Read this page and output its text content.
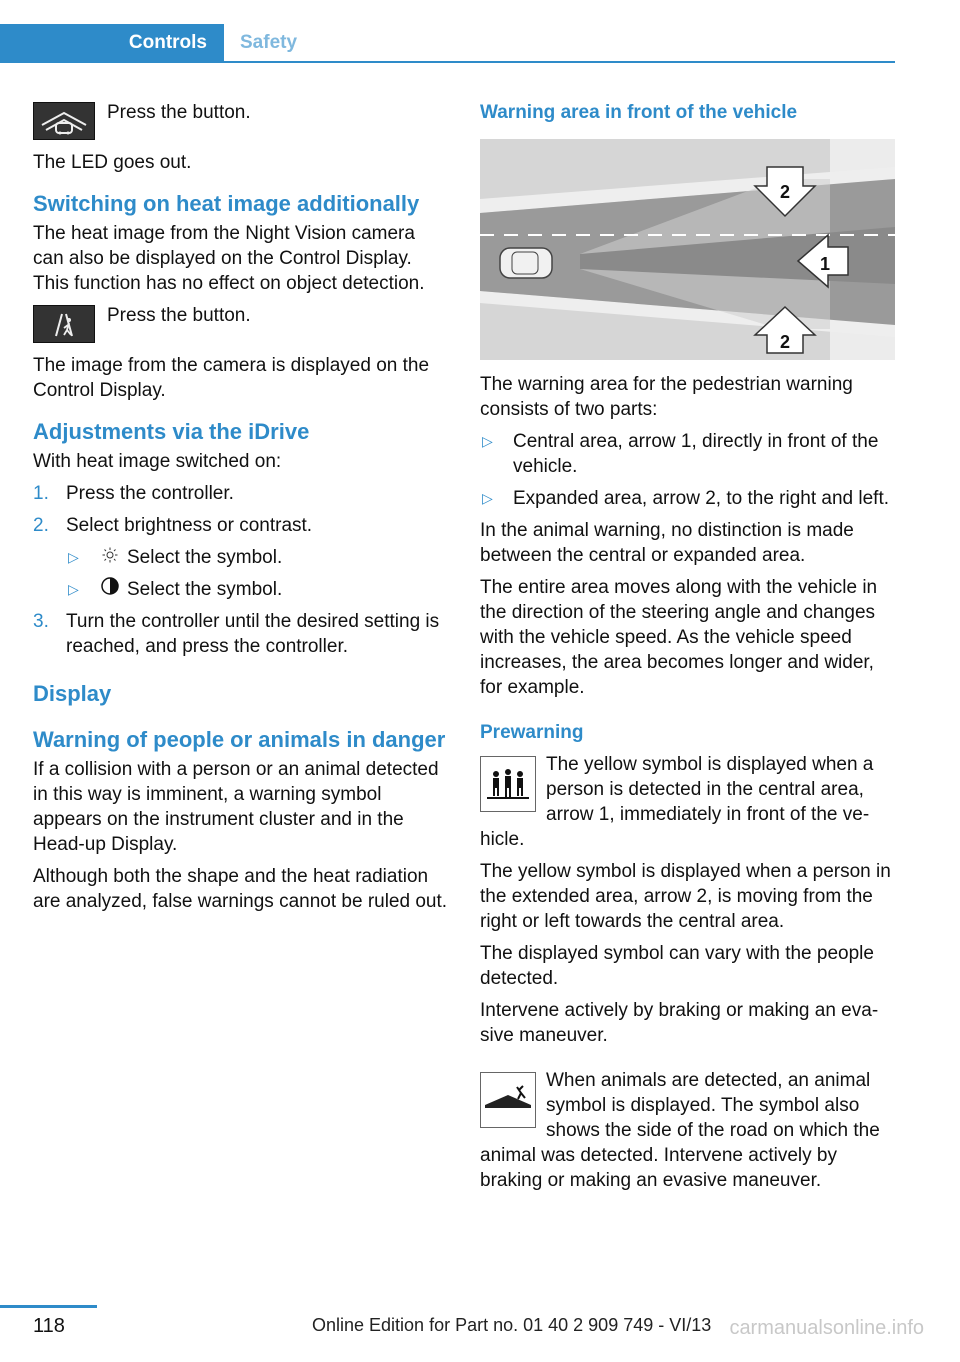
Controls	Safety
Press the button.

The LED goes out.

Switching on heat image additionally

The heat image from the Night Vision camera can also be displayed on the Control Display. This function has no effect on object detection.

Press the button.

The image from the camera is displayed on the Control Display.

Adjustments via the iDrive

With heat image switched on:

1. Press the controller.
2. Select brightness or contrast.
▷	Select the symbol.
▷	Select the symbol.
3. Turn the controller until the desired setting is reached, and press the controller.
Display
Warning of people or animals in danger

If a collision with a person or an animal detected in this way is imminent, a warning symbol appears on the instrument cluster and in the Head-up Display.

Although both the shape and the heat radiation are analyzed, false warnings cannot be ruled out.

Warning area in front of the vehicle
2
1
2

The warning area for the pedestrian warning consists of two parts:

▷ Central area, arrow 1, directly in front of the vehicle.
▷ Expanded area, arrow 2, to the right and left.

In the animal warning, no distinction is made between the central or expanded area.

The entire area moves along with the vehicle in the direction of the steering angle and changes with the vehicle speed. As the vehicle speed increases, the area becomes longer and wider, for example.

Prewarning

The yellow symbol is displayed when a person is detected in the central area, arrow 1, immediately in front of the vehicle.

The yellow symbol is displayed when a person in the extended area, arrow 2, is moving from the right or left towards the central area.

The displayed symbol can vary with the people detected.

Intervene actively by braking or making an evasive maneuver.

When animals are detected, an animal symbol is displayed. The symbol also shows the side of the road on which the animal was detected. Intervene actively by braking or making an evasive maneuver.

118	Online Edition for Part no. 01 40 2 909 749 - VI/13 carmanualsonline.info
